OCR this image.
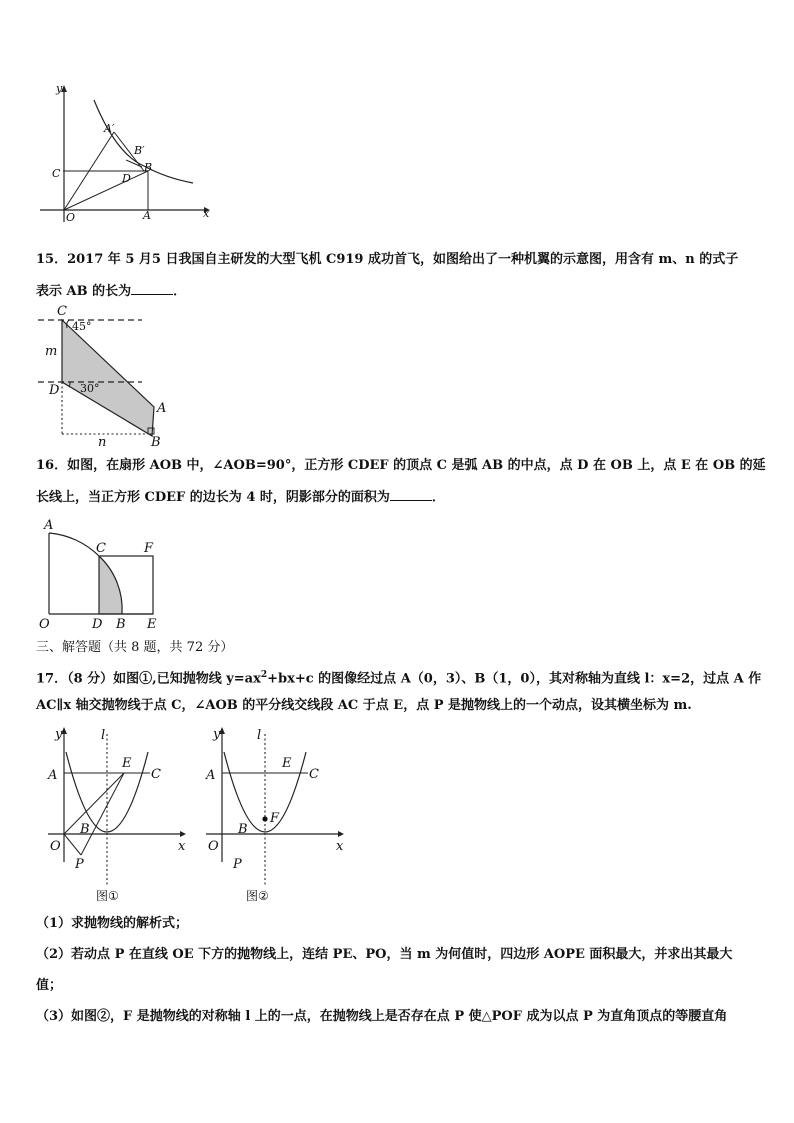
y
x
O	A
B
C	D
A′
B′
15．2017 年 5 月5 日我国自主研发的大型飞机 C919 成功首飞，如图给出了一种机翼的示意图，用含有 m、n 的式子
表示 AB 的长为	．
C
D
A
B
m
n
45°
30°
16．如图，在扇形 AOB 中，∠AOB=90°，正方形 CDEF 的顶点 C 是弧 AB 的中点，点 D 在 OB 上，点 E 在 OB 的延
长线上，当正方形 CDEF 的边长为 4 时，阴影部分的面积为	．
A
C	F
O	D B E
三、解答题（共 8 题，共 72 分）
17．（8 分）如图①,已知抛物线 $y=ax^2+bx+c$ 的图像经过点 A（0，3）、B（1，0），其对称轴为直线 l：x=2，过点 A 作
AC∥x 轴交抛物线于点 C，∠AOB 的平分线交线段 AC 于点 E，点 P 是抛物线上的一个动点，设其横坐标为 m.
A
E
C
B
O
P
y
x
l
图①
A
E
C
B
O
P
F
y
x
l
图②
（1）求抛物线的解析式；
（2）若动点 P 在直线 OE 下方的抛物线上，连结 PE、PO，当 m 为何值时，四边形 AOPE 面积最大，并求出其最大
值；
（3）如图②，F 是抛物线的对称轴 l 上的一点，在抛物线上是否存在点 P 使△POF 成为以点 P 为直角顶点的等腰直角
